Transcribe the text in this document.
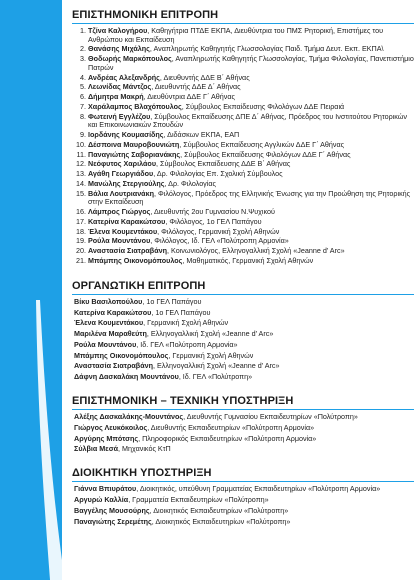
ΕΠΙΣΤΗΜΟΝΙΚΗ ΕΠΙΤΡΟΠΗ
1. Τζίνα Καλογήρου, Καθηγήτρια ΠΤΔΕ ΕΚΠΑ, Διευθύντρια του ΠΜΣ Ρητορική, Επιστήμες του Ανθρώπου και Εκπαίδευση
2. Θανάσης Μιχάλης, Αναπληρωτής Καθηγητής Γλωσσολογίας Παιδ. Τμήμα Δευτ. Εκπ. ΕΚΠΑ\
3. Θοδωρής Μαρκόπουλος, Αναπληρωτής Καθηγητής Γλωσσολογίας, Τμήμα Φιλολογίας, Πανεπιστήμιο Πατρών
4. Ανδρέας Αλεξανδρής, Διευθυντής ΔΔΕ Β΄ Αθήνας
5. Λεωνίδας Μάντζος, Διευθυντής ΔΔΕ Δ΄ Αθήνας
6. Δήμητρα Μακρή, Διευθύντρια ΔΔΕ Γ΄ Αθήνας
7. Χαράλαμπος Βλαχόπουλος, Σύμβουλος Εκπαίδευσης Φιλολόγων ΔΔΕ Πειραιά
8. Φωτεινή Εγγλέζου, Σύμβουλος Εκπαίδευσης ΔΠΕ Δ΄ Αθήνας, Πρόεδρος του Ινστιτούτου Ρητορικών και Επικοινωνιακών Σπουδών
9. Ιορδάνης Κουμασίδης, Διδάσκων ΕΚΠΑ, ΕΑΠ
10. Δέσποινα Μαυροβουνιώτη, Σύμβουλος Εκπαίδευσης Αγγλικών ΔΔΕ Γ΄ Αθήνας
11. Παναγιώτης Σαβοριανάκης, Σύμβουλος Εκπαίδευσης Φιλολόγων ΔΔΕ Γ΄ Αθήνας
12. Νεόφυτος Χαριλάου, Σύμβουλος Εκπαίδευσης ΔΔΕ Β΄ Αθήνας
13. Αγάθη Γεωργιάδου, Δρ. Φιλολογίας Επ. Σχολική Σύμβουλος
14. Μανώλης Στεργιούλης, Δρ. Φιλολογίας
15. Βάλια Λουτριανάκη, Φιλόλογος, Πρόεδρος της Ελληνικής Ένωσης για την Προώθηση της Ρητορικής στην Εκπαίδευση
16. Λάμπρος Γιώργος, Διευθυντής 2ου Γυμνασίου Ν.Ψυχικού
17. Κατερίνα Καρακώτσου, Φιλόλογος, 1ο ΓΕΛ Παπάγου
18. Έλενα Κουμεντάκου, Φιλόλογος, Γερμανική Σχολή Αθηνών
19. Ρούλα Μουντάνου, Φιλόλογος, Ιδ. ΓΕΛ «Πολύτροπη Αρμονία»
20. Αναστασία Σιατραβάνη, Κοινωνιολόγος, Ελληνογαλλική Σχολή «Jeanne d' Arc»
21. Μπάμπης Οικονομόπουλος, Μαθηματικός, Γερμανική Σχολή Αθηνών
ΟΡΓΑΝΩΤΙΚΗ ΕΠΙΤΡΟΠΗ
Βίκυ Βασιλοπούλου, 1ο ΓΕΛ Παπάγου
Κατερίνα Καρακώτσου, 1ο ΓΕΛ Παπάγου
Έλενα Κουμεντάκου, Γερμανική Σχολή Αθηνών
Μαριλένα Μαραθεύτη, Ελληνογαλλική Σχολή «Jeanne d' Arc»
Ρούλα Μουντάνου, Ιδ. ΓΕΛ «Πολύτροπη Αρμονία»
Μπάμπης Οικονομόπουλος, Γερμανική Σχολή Αθηνών
Αναστασία Σιατραβάνη, Ελληνογαλλική Σχολή «Jeanne d' Arc»
Δάφνη Δασκαλάκη Μουντάνου, Ιδ. ΓΕΛ «Πολύτροπη»
ΕΠΙΣΤΗΜΟΝΙΚΗ – ΤΕΧΝΙΚΗ ΥΠΟΣΤΗΡΙΞΗ
Αλέξης Δασκαλάκης-Μουντάνος, Διευθυντής Γυμνασίου Εκπαιδευτηρίων «Πολύτροπη»
Γιώργος Λευκόκοιλος, Διευθυντής Εκπαιδευτηρίων «Πολύτροπη Αρμονία»
Αργύρης Μπότσης, Πληροφορικός Εκπαιδευτηρίων «Πολύτροπη Αρμονία»
Σύλβια Μεσά, Μηχανικός ΚτΠ
ΔΙΟΙΚΗΤΙΚΗ ΥΠΟΣΤΗΡΙΞΗ
Γιάννα Βπιυράτου, Διοικητικός, υπεύθυνη Γραμματείας Εκπαιδευτηρίων «Πολύτροπη Αρμονία»
Αργυρώ Καλλία, Γραμματεία Εκπαιδευτηρίων «Πολύτροπη»
Βαγγέλης Μουσούρης, Διοικητικός Εκπαιδευτηρίων «Πολύτροπη»
Παναγιώτης Σερεμέτης, Διοικητικός Εκπαιδευτηρίων «Πολύτροπη»
